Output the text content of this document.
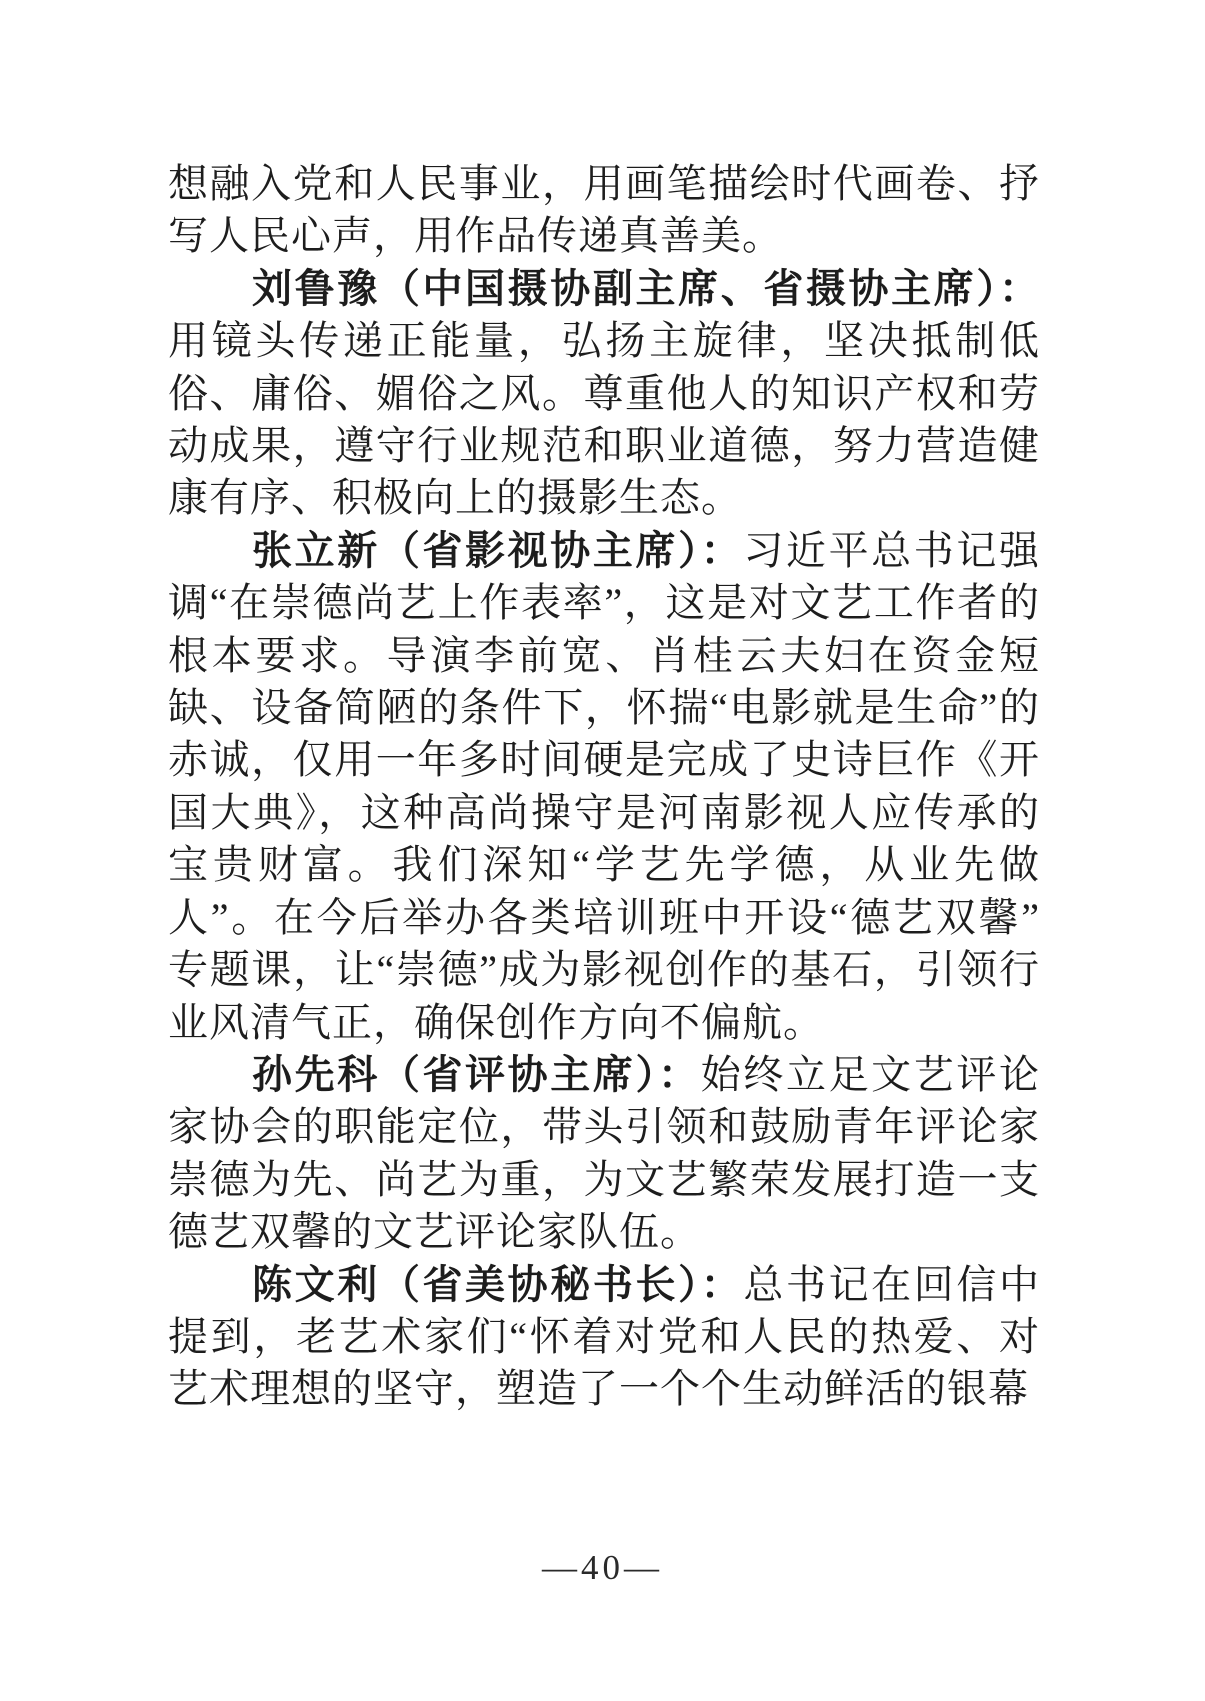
想融入党和人民事业，用画笔描绘时代画卷、抒写人民心声，用作品传递真善美。

刘鲁豫（中国摄协副主席、省摄协主席）：用镜头传递正能量，弘扬主旋律，坚决抵制低俗、庸俗、媚俗之风。尊重他人的知识产权和劳动成果，遵守行业规范和职业道德，努力营造健康有序、积极向上的摄影生态。

张立新（省影视协主席）：习近平总书记强调“在崇德尚艺上作表率”，这是对文艺工作者的根本要求。导演李前宽、肖桂云夫妇在资金短缺、设备简陋的条件下，怀揣“电影就是生命”的赤诚，仅用一年多时间硬是完成了史诗巨作《开国大典》，这种高尚操守是河南影视人应传承的宝贵财富。我们深知“学艺先学德，从业先做人”。在今后举办各类培训班中开设“德艺双馨”专题课，让“崇德”成为影视创作的基石，引领行业风清气正，确保创作方向不偏航。

孙先科（省评协主席）：始终立足文艺评论家协会的职能定位，带头引领和鼓励青年评论家崇德为先、尚艺为重，为文艺繁荣发展打造一支德艺双馨的文艺评论家队伍。

陈文利（省美协秘书长）：总书记在回信中提到，老艺术家们“怀着对党和人民的热爱、对艺术理想的坚守，塑造了一个个生动鲜活的银幕

—40—
